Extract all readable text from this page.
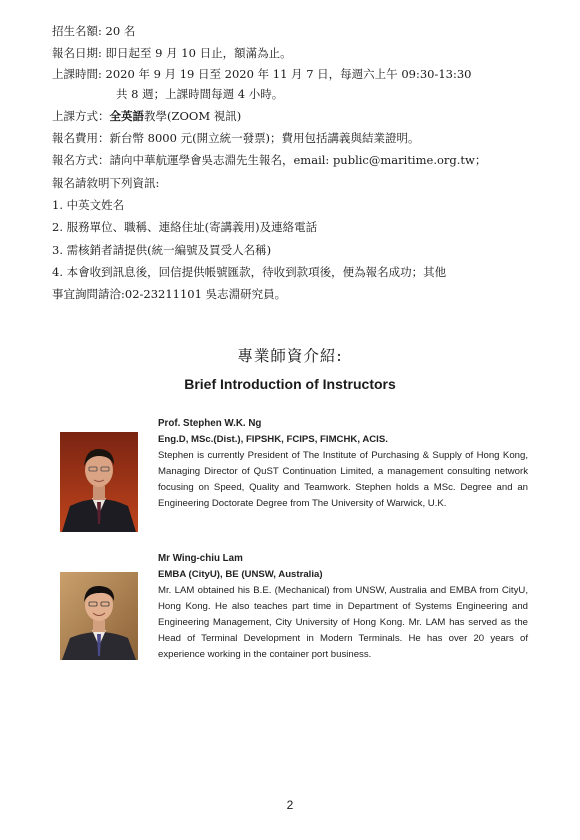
招生名額: 20 名
報名日期: 即日起至 9 月 10 日止，額滿為止。
上課時間: 2020 年 9 月 19 日至 2020 年 11 月 7 日，每週六上午 09:30-13:30
共 8 週；上課時間每週 4 小時。
上課方式：全英語教學(ZOOM 視訊)
報名費用：新台幣 8000 元(開立統一發票)；費用包括講義與結業證明。
報名方式：請向中華航運學會吳志淵先生報名，email: public@maritime.org.tw；
報名請敘明下列資訊:
1. 中英文姓名
2. 服務單位、職稱、連絡住址(寄講義用)及連絡電話
3. 需核銷者請提供(統一編號及買受人名稱)
4. 本會收到訊息後，回信提供帳號匯款，待收到款項後，便為報名成功；其他
事宜詢問請洽:02-23211101 吳志淵研究員。
專業師資介紹:
Brief Introduction of Instructors
Prof. Stephen W.K. Ng
Eng.D, MSc.(Dist.), FIPSHK, FCIPS, FIMCHK, ACIS.
Stephen is currently President of The Institute of Purchasing & Supply of Hong Kong, Managing Director of QuST Continuation Limited, a management consulting network focusing on Speed, Quality and Teamwork. Stephen holds a MSc. Degree and an Engineering Doctorate Degree from The University of Warwick, U.K.
Mr Wing-chiu Lam
EMBA (CityU), BE (UNSW, Australia)
Mr. LAM obtained his B.E. (Mechanical) from UNSW, Australia and EMBA from CityU, Hong Kong. He also teaches part time in Department of Systems Engineering and Engineering Management, City University of Hong Kong. Mr. LAM has served as the Head of Terminal Development in Modern Terminals. He has over 20 years of experience working in the container port business.
2
